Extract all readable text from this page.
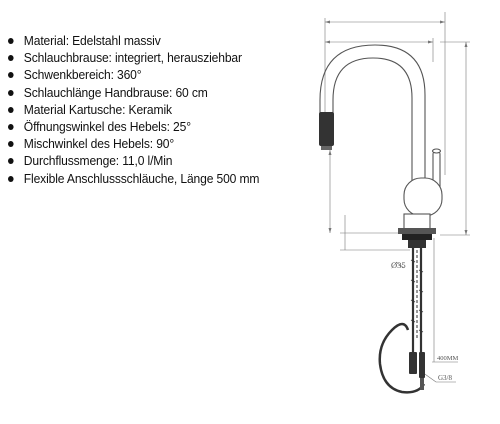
Material: Edelstahl massiv
Schlauchbrause: integriert, herausziehbar
Schwenkbereich: 360°
Schlauchlänge Handbrause: 60 cm
Material Kartusche: Keramik
Öffnungswinkel des Hebels: 25°
Mischwinkel des Hebels: 90°
Durchflussmenge: 11,0 l/Min
Flexible Anschlussschläuche, Länge 500 mm
Ø35
400MM
G3/8
